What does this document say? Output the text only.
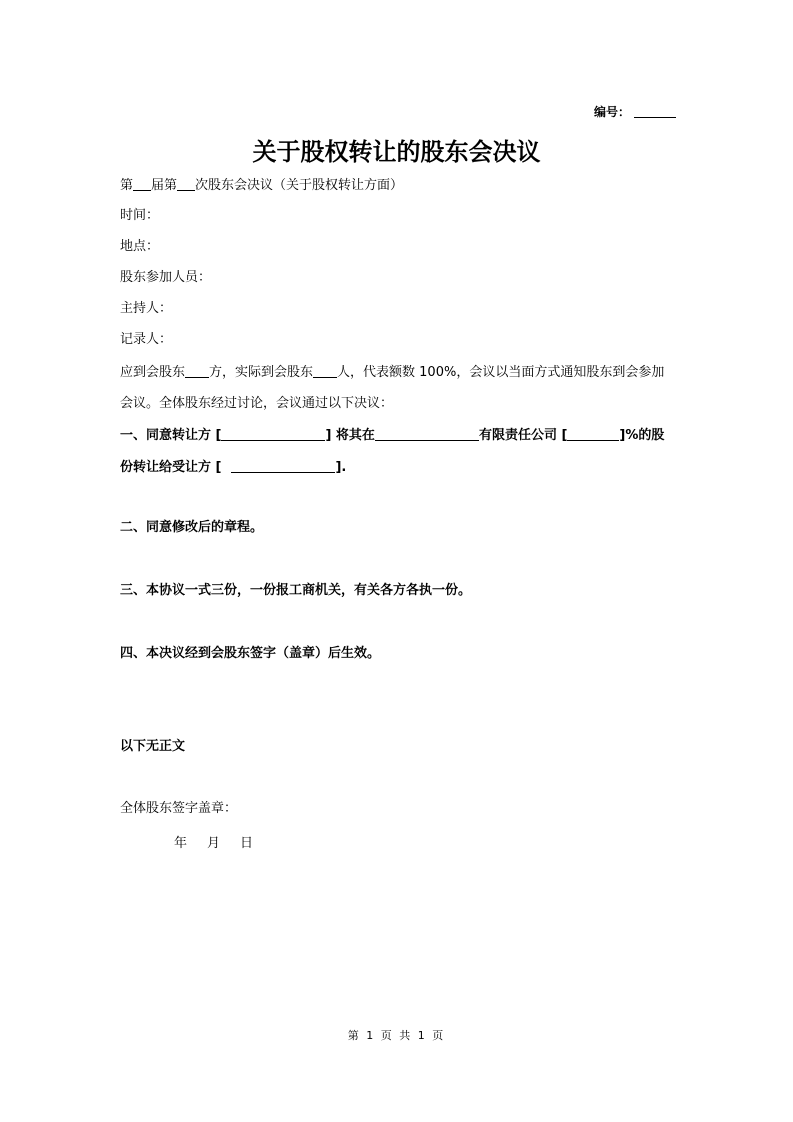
编号：
关于股权转让的股东会决议
第 届第 次股东会决议（关于股权转让方面）
时间：
地点：
股东参加人员：
主持人：
记录人：
应到会股东 方，实际到会股东 人，代表额数 100%，会议以当面方式通知股东到会参加
会议。全体股东经过讨论，会议通过以下决议：
一、同意转让方 [	] 将其在	有限责任公司 [	]%的股
份转让给受让方 [	].
二、同意修改后的章程。
三、本协议一式三份，一份报工商机关，有关各方各执一份。
四、本决议经到会股东签字（盖章）后生效。
以下无正文
全体股东签字盖章：
年 月 日
第 1 页 共 1 页
